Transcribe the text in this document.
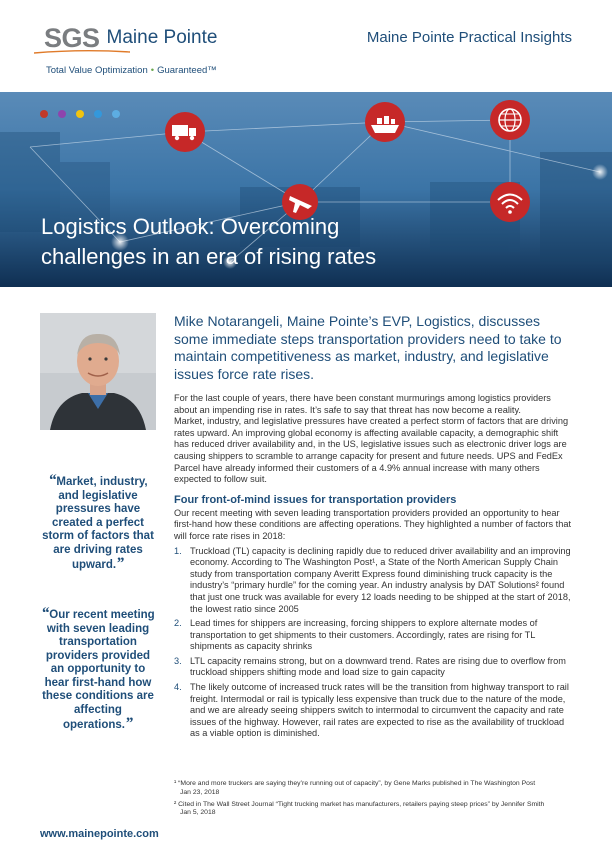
SGS Maine Pointe
Total Value Optimization • Guaranteed™
Maine Pointe Practical Insights
Logistics Outlook: Overcoming
challenges in an era of rising rates
“Market, industry, and legislative pressures have created a perfect storm of factors that are driving rates upward.”
“Our recent meeting with seven leading transportation providers provided an opportunity to hear first-hand how these conditions are affecting operations.”

Mike Notarangeli, Maine Pointe’s EVP, Logistics, discusses some immediate steps transportation providers need to take to maintain competitiveness as market, industry, and legislative issues force rate rises.

For the last couple of years, there have been constant murmurings among logistics providers about an impending rise in rates. It’s safe to say that threat has now become a reality.

Market, industry, and legislative pressures have created a perfect storm of factors that are driving rates upward. An improving global economy is affecting available capacity, a demographic shift has reduced driver availability and, in the US, legislative issues such as electronic driver logs are causing shippers to scramble to arrange capacity for present and future needs. UPS and FedEx Parcel have already informed their customers of a 4.9% annual increase with many others expected to follow suit.

Four front-of-mind issues for transportation providers

Our recent meeting with seven leading transportation providers provided an opportunity to hear first-hand how these conditions are affecting operations. They highlighted a number of factors that will force rate rises in 2018:

1. Truckload (TL) capacity is declining rapidly due to reduced driver availability and an improving economy. According to The Washington Post¹, a State of the North American Supply Chain study from transportation company Averitt Express found diminishing truck capacity is the industry’s “primary hurdle” for the coming year. An industry analysis by DAT Solutions² found that just one truck was available for every 12 loads needing to be shipped at the start of 2018, the lowest ratio since 2005
2. Lead times for shippers are increasing, forcing shippers to explore alternate modes of transportation to get shipments to their customers. Accordingly, rates are rising for TL shipments as capacity shrinks
3. LTL capacity remains strong, but on a downward trend. Rates are rising due to overflow from truckload shippers shifting mode and load size to gain capacity
4. The likely outcome of increased truck rates will be the transition from highway transport to rail freight. Intermodal or rail is typically less expensive than truck due to the nature of the mode, and we are already seeing shippers switch to intermodal to circumvent the capacity and rate issues of the highway. However, rail rates are expected to rise as the availability of truckload as a viable option is diminished.
¹ “More and more truckers are saying they’re running out of capacity”, by Gene Marks published in The Washington Post
Jan 23, 2018
² Cited in The Wall Street Journal “Tight trucking market has manufacturers, retailers paying steep prices” by Jennifer Smith
Jan 5, 2018
www.mainepointe.com
